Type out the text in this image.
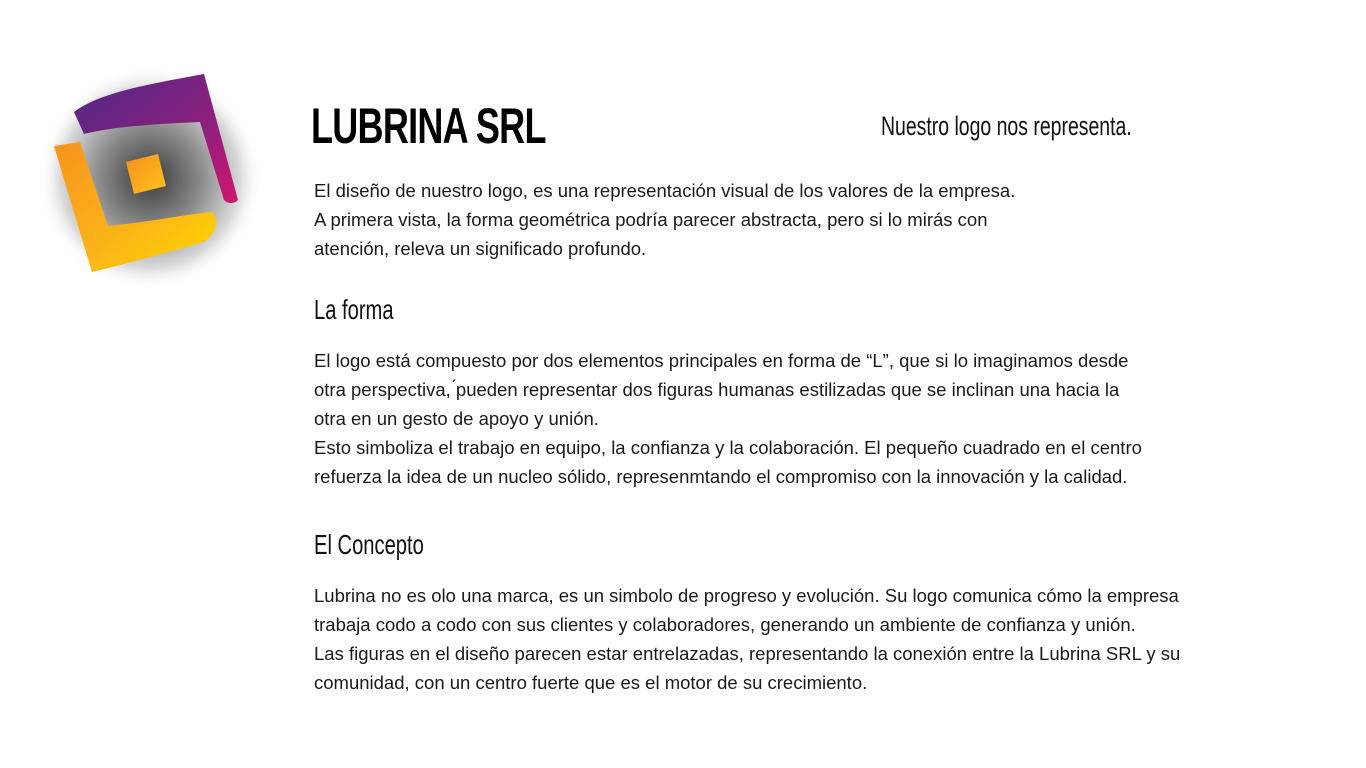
LUBRINA SRL	Nuestro logo nos representa.

El diseño de nuestro logo, es una representación visual de los valores de la empresa.
A primera vista, la forma geométrica podría parecer abstracta, pero si lo mirás con
atención, releva un significado profundo.

La forma

El logo está compuesto por dos elementos principales en forma de “L”, que si lo imaginamos desde
otra perspectiva, ́pueden representar dos figuras humanas estilizadas que se inclinan una hacia la
otra en un gesto de apoyo y unión.
Esto simboliza el trabajo en equipo, la confianza y la colaboración. El pequeño cuadrado en el centro
refuerza la idea de un nucleo sólido, represenmtando el compromiso con la innovación y la calidad.

El Concepto

Lubrina no es olo una marca, es un simbolo de progreso y evolución. Su logo comunica cómo la empresa
trabaja codo a codo con sus clientes y colaboradores, generando un ambiente de confianza y unión.
Las figuras en el diseño parecen estar entrelazadas, representando la conexión entre la Lubrina SRL y su
comunidad, con un centro fuerte que es el motor de su crecimiento.
